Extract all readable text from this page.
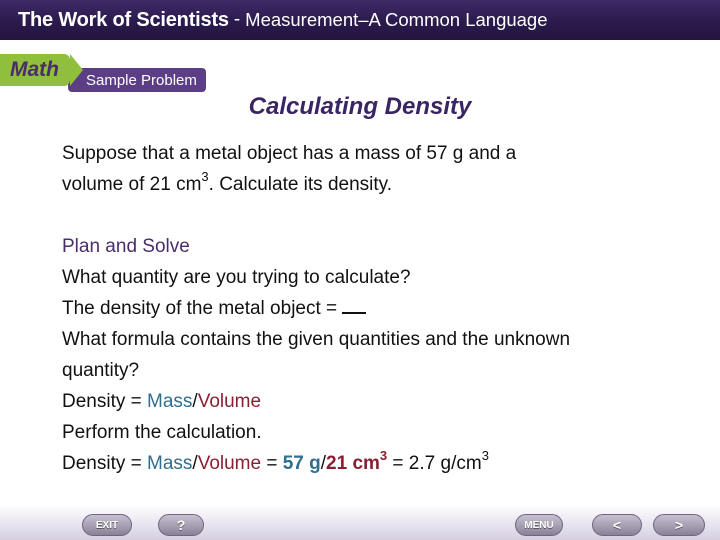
The Work of Scientists - Measurement–A Common Language
Sample Problem
Math
Calculating Density

Suppose that a metal object has a mass of 57 g and a
volume of 21 $cm^3$. Calculate its density.

Plan and Solve

What quantity are you trying to calculate?

The density of the metal object =

What formula contains the given quantities and the unknown
quantity?

Density = Mass/Volume

Perform the calculation.

Density = Mass/Volume = 57 g/21 $cm^3 = 2.7$ $g/cm^3$

EXIT	?	MENU	<	>
